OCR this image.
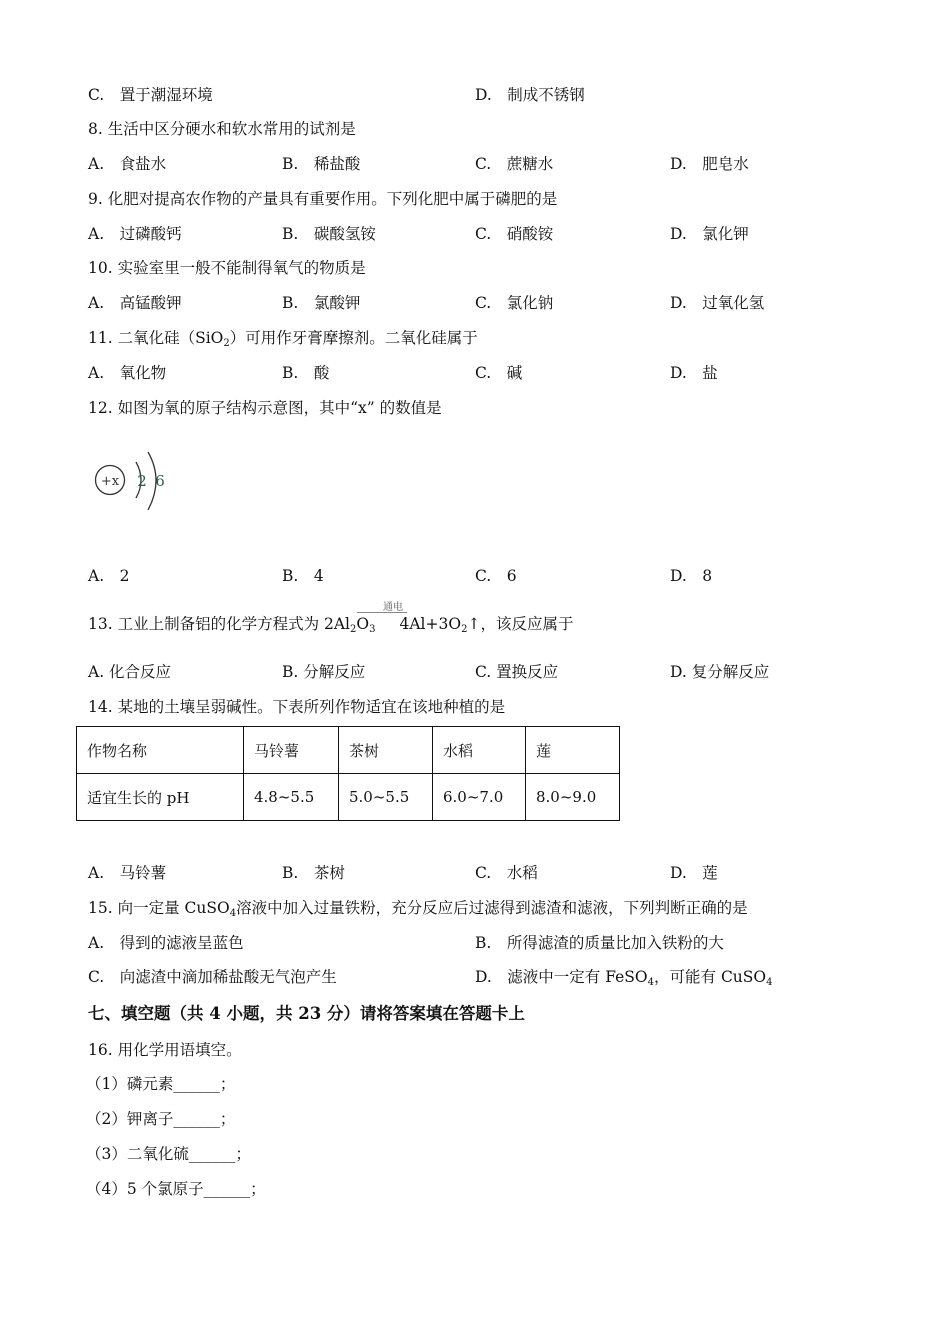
C.　置于潮湿环境	D.　制成不锈钢
8. 生活中区分硬水和软水常用的试剂是
A.　食盐水	B.　稀盐酸	C.　蔗糖水	D.　肥皂水
9. 化肥对提高农作物的产量具有重要作用。下列化肥中属于磷肥的是
A.　过磷酸钙	B.　碳酸氢铵	C.　硝酸铵	D.　氯化钾
10. 实验室里一般不能制得氧气的物质是
A.　高锰酸钾	B.　氯酸钾	C.　氯化钠	D.　过氧化氢
11. 二氧化硅（SiO$_2$）可用作牙膏摩擦剂。二氧化硅属于
A.　氧化物	B.　酸	C.　碱	D.　盐
12. 如图为氧的原子结构示意图，其中“x” 的数值是
+x 2 6
A.　2	B.　4	C.　6	D.　8
通电
13. 工业上制备铝的化学方程式为 $2Al_2O_3$ $4Al+3O_2↑$，该反应属于
A. 化合反应	B. 分解反应	C. 置换反应	D. 复分解反应
14. 某地的土壤呈弱碱性。下表所列作物适宜在该地种植的是
作物名称	马铃薯	茶树	水稻	莲
适宜生长的 pH	4.8~5.5	5.0~5.5	6.0~7.0	8.0~9.0
A.　马铃薯	B.　茶树	C.　水稻	D.　莲
15. 向一定量 CuSO$_4$溶液中加入过量铁粉，充分反应后过滤得到滤渣和滤液，下列判断正确的是
A.　得到的滤液呈蓝色	B.　所得滤渣的质量比加入铁粉的大
C.　向滤渣中滴加稀盐酸无气泡产生	D.　滤液中一定有 FeSO$_4$，可能有 CuSO$_4$
七、填空题（共 4 小题，共 23 分）请将答案填在答题卡上
16. 用化学用语填空。
（1）磷元素______；
（2）钾离子______；
（3）二氧化硫______；
（4）5 个氯原子______；
